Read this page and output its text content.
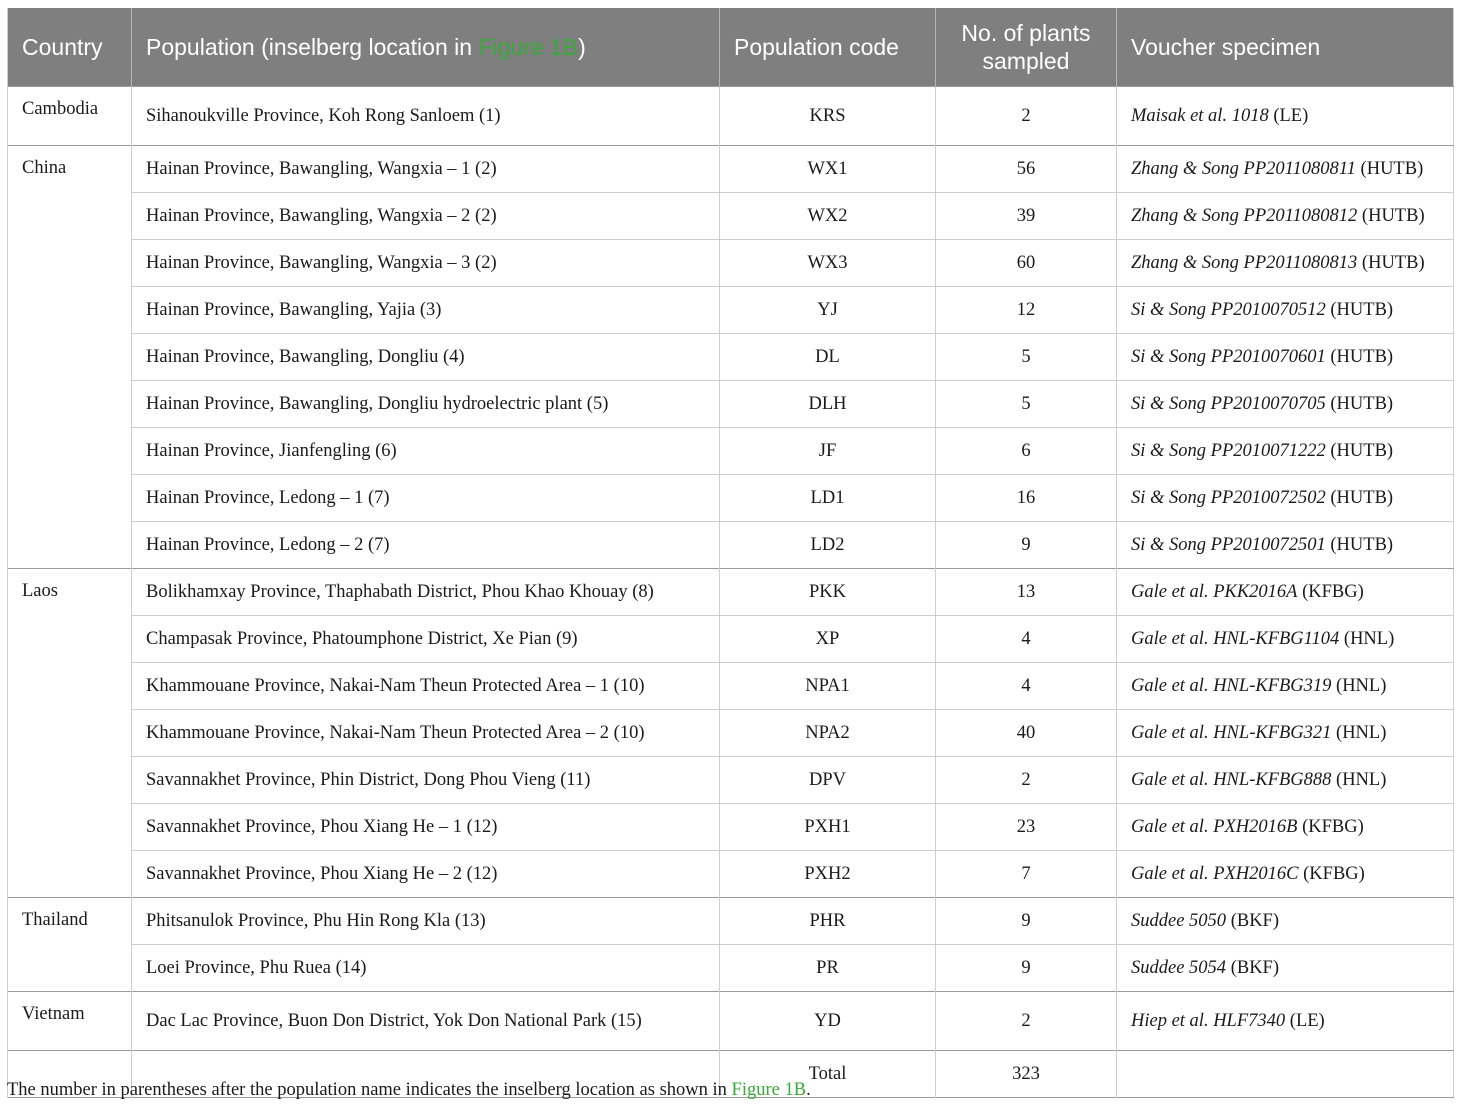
Country	Population (inselberg location in Figure 1B)	Population code	No. of plants sampled	Voucher specimen
Cambodia	Sihanoukville Province, Koh Rong Sanloem (1)	KRS	2	Maisak et al. 1018 (LE)
China	Hainan Province, Bawangling, Wangxia – 1 (2)	WX1	56	Zhang & Song PP2011080811 (HUTB)
	Hainan Province, Bawangling, Wangxia – 2 (2)	WX2	39	Zhang & Song PP2011080812 (HUTB)
	Hainan Province, Bawangling, Wangxia – 3 (2)	WX3	60	Zhang & Song PP2011080813 (HUTB)
	Hainan Province, Bawangling, Yajia (3)	YJ	12	Si & Song PP2010070512 (HUTB)
	Hainan Province, Bawangling, Dongliu (4)	DL	5	Si & Song PP2010070601 (HUTB)
	Hainan Province, Bawangling, Dongliu hydroelectric plant (5)	DLH	5	Si & Song PP2010070705 (HUTB)
	Hainan Province, Jianfengling (6)	JF	6	Si & Song PP2010071222 (HUTB)
	Hainan Province, Ledong – 1 (7)	LD1	16	Si & Song PP2010072502 (HUTB)
	Hainan Province, Ledong – 2 (7)	LD2	9	Si & Song PP2010072501 (HUTB)
Laos	Bolikhamxay Province, Thaphabath District, Phou Khao Khouay (8)	PKK	13	Gale et al. PKK2016A (KFBG)
	Champasak Province, Phatoumphone District, Xe Pian (9)	XP	4	Gale et al. HNL-KFBG1104 (HNL)
	Khammouane Province, Nakai-Nam Theun Protected Area – 1 (10)	NPA1	4	Gale et al. HNL-KFBG319 (HNL)
	Khammouane Province, Nakai-Nam Theun Protected Area – 2 (10)	NPA2	40	Gale et al. HNL-KFBG321 (HNL)
	Savannakhet Province, Phin District, Dong Phou Vieng (11)	DPV	2	Gale et al. HNL-KFBG888 (HNL)
	Savannakhet Province, Phou Xiang He – 1 (12)	PXH1	23	Gale et al. PXH2016B (KFBG)
	Savannakhet Province, Phou Xiang He – 2 (12)	PXH2	7	Gale et al. PXH2016C (KFBG)
Thailand	Phitsanulok Province, Phu Hin Rong Kla (13)	PHR	9	Suddee 5050 (BKF)
	Loei Province, Phu Ruea (14)	PR	9	Suddee 5054 (BKF)
Vietnam	Dac Lac Province, Buon Don District, Yok Don National Park (15)	YD	2	Hiep et al. HLF7340 (LE)
		Total	323	
The number in parentheses after the population name indicates the inselberg location as shown in Figure 1B.
